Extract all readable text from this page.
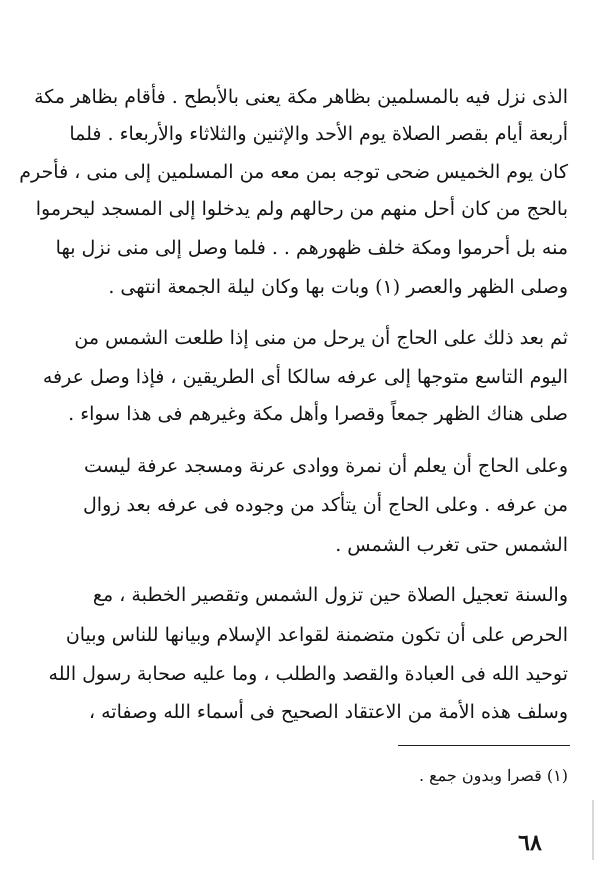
الذى نزل فيه بالمسلمين بظاهر مكة يعنى بالأبطح . فأقام بظاهر مكة
أربعة أيام بقصر الصلاة يوم الأحد والإثنين والثلاثاء والأربعاء . فلما
كان يوم الخميس ضحى توجه بمن معه من المسلمين إلى منى ، فأحرم
بالحج من كان أحل منهم من رحالهم ولم يدخلوا إلى المسجد ليحرموا
منه بل أحرموا ومكة خلف ظهورهم . . فلما وصل إلى منى نزل بها
وصلى الظهر والعصر (١) وبات بها وكان ليلة الجمعة انتهى .
ثم بعد ذلك على الحاج أن يرحل من منى إذا طلعت الشمس من
اليوم التاسع متوجها إلى عرفه سالكا أى الطريقين ، فإذا وصل عرفه
صلى هناك الظهر جمعاً وقصرا وأهل مكة وغيرهم فى هذا سواء .
وعلى الحاج أن يعلم أن نمرة ووادى عرنة ومسجد عرفة ليست
من عرفه . وعلى الحاج أن يتأكد من وجوده فى عرفه بعد زوال
الشمس حتى تغرب الشمس .
والسنة تعجيل الصلاة حين تزول الشمس وتقصير الخطبة ، مع
الحرص على أن تكون متضمنة لقواعد الإسلام وبيانها للناس وبيان
توحيد الله فى العبادة والقصد والطلب ، وما عليه صحابة رسول الله
وسلف هذه الأمة من الاعتقاد الصحيح فى أسماء الله وصفاته ،
(١) قصرا وبدون جمع .
٦٨
